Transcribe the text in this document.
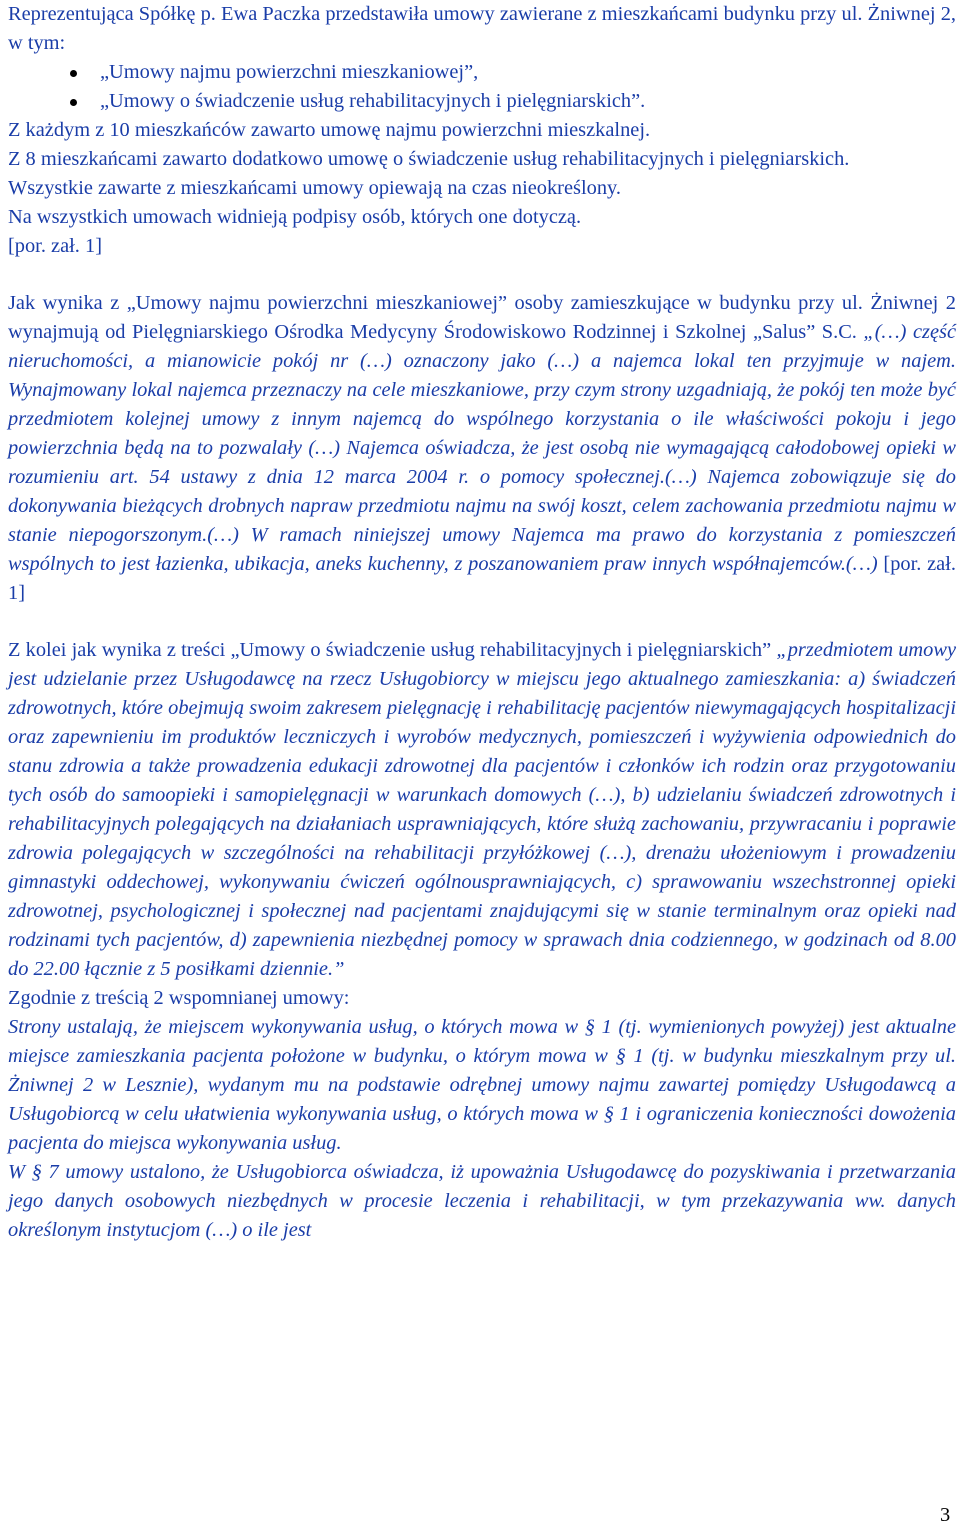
Reprezentująca Spółkę p. Ewa Paczka przedstawiła umowy zawierane z mieszkańcami budynku przy ul. Żniwnej 2, w tym:

„Umowy najmu powierzchni mieszkaniowej”,
„Umowy o świadczenie usług rehabilitacyjnych i pielęgniarskich”.

Z każdym z 10 mieszkańców zawarto umowę najmu powierzchni mieszkalnej.

Z 8 mieszkańcami zawarto dodatkowo umowę o świadczenie usług rehabilitacyjnych i pielęgniarskich.

Wszystkie zawarte z mieszkańcami umowy opiewają na czas nieokreślony.

Na wszystkich umowach widnieją podpisy osób, których one dotyczą.

[por. zał. 1]

Jak wynika z „Umowy najmu powierzchni mieszkaniowej” osoby zamieszkujące w budynku przy ul. Żniwnej 2 wynajmują od Pielęgniarskiego Ośrodka Medycyny Środowiskowo Rodzinnej i Szkolnej „Salus” S.C. „(…) część nieruchomości, a mianowicie pokój nr (…) oznaczony jako (…) a najemca lokal ten przyjmuje w najem. Wynajmowany lokal najemca przeznaczy na cele mieszkaniowe, przy czym strony uzgadniają, że pokój ten może być przedmiotem kolejnej umowy z innym najemcą do wspólnego korzystania o ile właściwości pokoju i jego powierzchnia będą na to pozwalały (…) Najemca oświadcza, że jest osobą nie wymagającą całodobowej opieki w rozumieniu art. 54 ustawy z dnia 12 marca 2004 r. o pomocy społecznej.(…) Najemca zobowiązuje się do dokonywania bieżących drobnych napraw przedmiotu najmu na swój koszt, celem zachowania przedmiotu najmu w stanie niepogorszonym.(…) W ramach niniejszej umowy Najemca ma prawo do korzystania z pomieszczeń wspólnych to jest łazienka, ubikacja, aneks kuchenny, z poszanowaniem praw innych współnajemców.(…) [por. zał. 1]

Z kolei jak wynika z treści „Umowy o świadczenie usług rehabilitacyjnych i pielęgniarskich” „przedmiotem umowy jest udzielanie przez Usługodawcę na rzecz Usługobiorcy w miejscu jego aktualnego zamieszkania: a) świadczeń zdrowotnych, które obejmują swoim zakresem pielęgnację i rehabilitację pacjentów niewymagających hospitalizacji oraz zapewnieniu im produktów leczniczych i wyrobów medycznych, pomieszczeń i wyżywienia odpowiednich do stanu zdrowia a także prowadzenia edukacji zdrowotnej dla pacjentów i członków ich rodzin oraz przygotowaniu tych osób do samoopieki i samopielęgnacji w warunkach domowych (…), b) udzielaniu świadczeń zdrowotnych i rehabilitacyjnych polegających na działaniach usprawniających, które służą zachowaniu, przywracaniu i poprawie zdrowia polegających w szczególności na rehabilitacji przyłóżkowej (…), drenażu ułożeniowym i prowadzeniu gimnastyki oddechowej, wykonywaniu ćwiczeń ogólnousprawniających, c) sprawowaniu wszechstronnej opieki zdrowotnej, psychologicznej i społecznej nad pacjentami znajdującymi się w stanie terminalnym oraz opieki nad rodzinami tych pacjentów, d) zapewnienia niezbędnej pomocy w sprawach dnia codziennego, w godzinach od 8.00 do 22.00 łącznie z 5 posiłkami dziennie.”

Zgodnie z treścią 2 wspomnianej umowy:

Strony ustalają, że miejscem wykonywania usług, o których mowa w § 1 (tj. wymienionych powyżej) jest aktualne miejsce zamieszkania pacjenta położone w budynku, o którym mowa w § 1 (tj. w budynku mieszkalnym przy ul. Żniwnej 2 w Lesznie), wydanym mu na podstawie odrębnej umowy najmu zawartej pomiędzy Usługodawcą a Usługobiorcą w celu ułatwienia wykonywania usług, o których mowa w § 1 i ograniczenia konieczności dowożenia pacjenta do miejsca wykonywania usług.

W § 7 umowy ustalono, że Usługobiorca oświadcza, iż upoważnia Usługodawcę do pozyskiwania i przetwarzania jego danych osobowych niezbędnych w procesie leczenia i rehabilitacji, w tym przekazywania ww. danych określonym instytucjom (…) o ile jest

3
